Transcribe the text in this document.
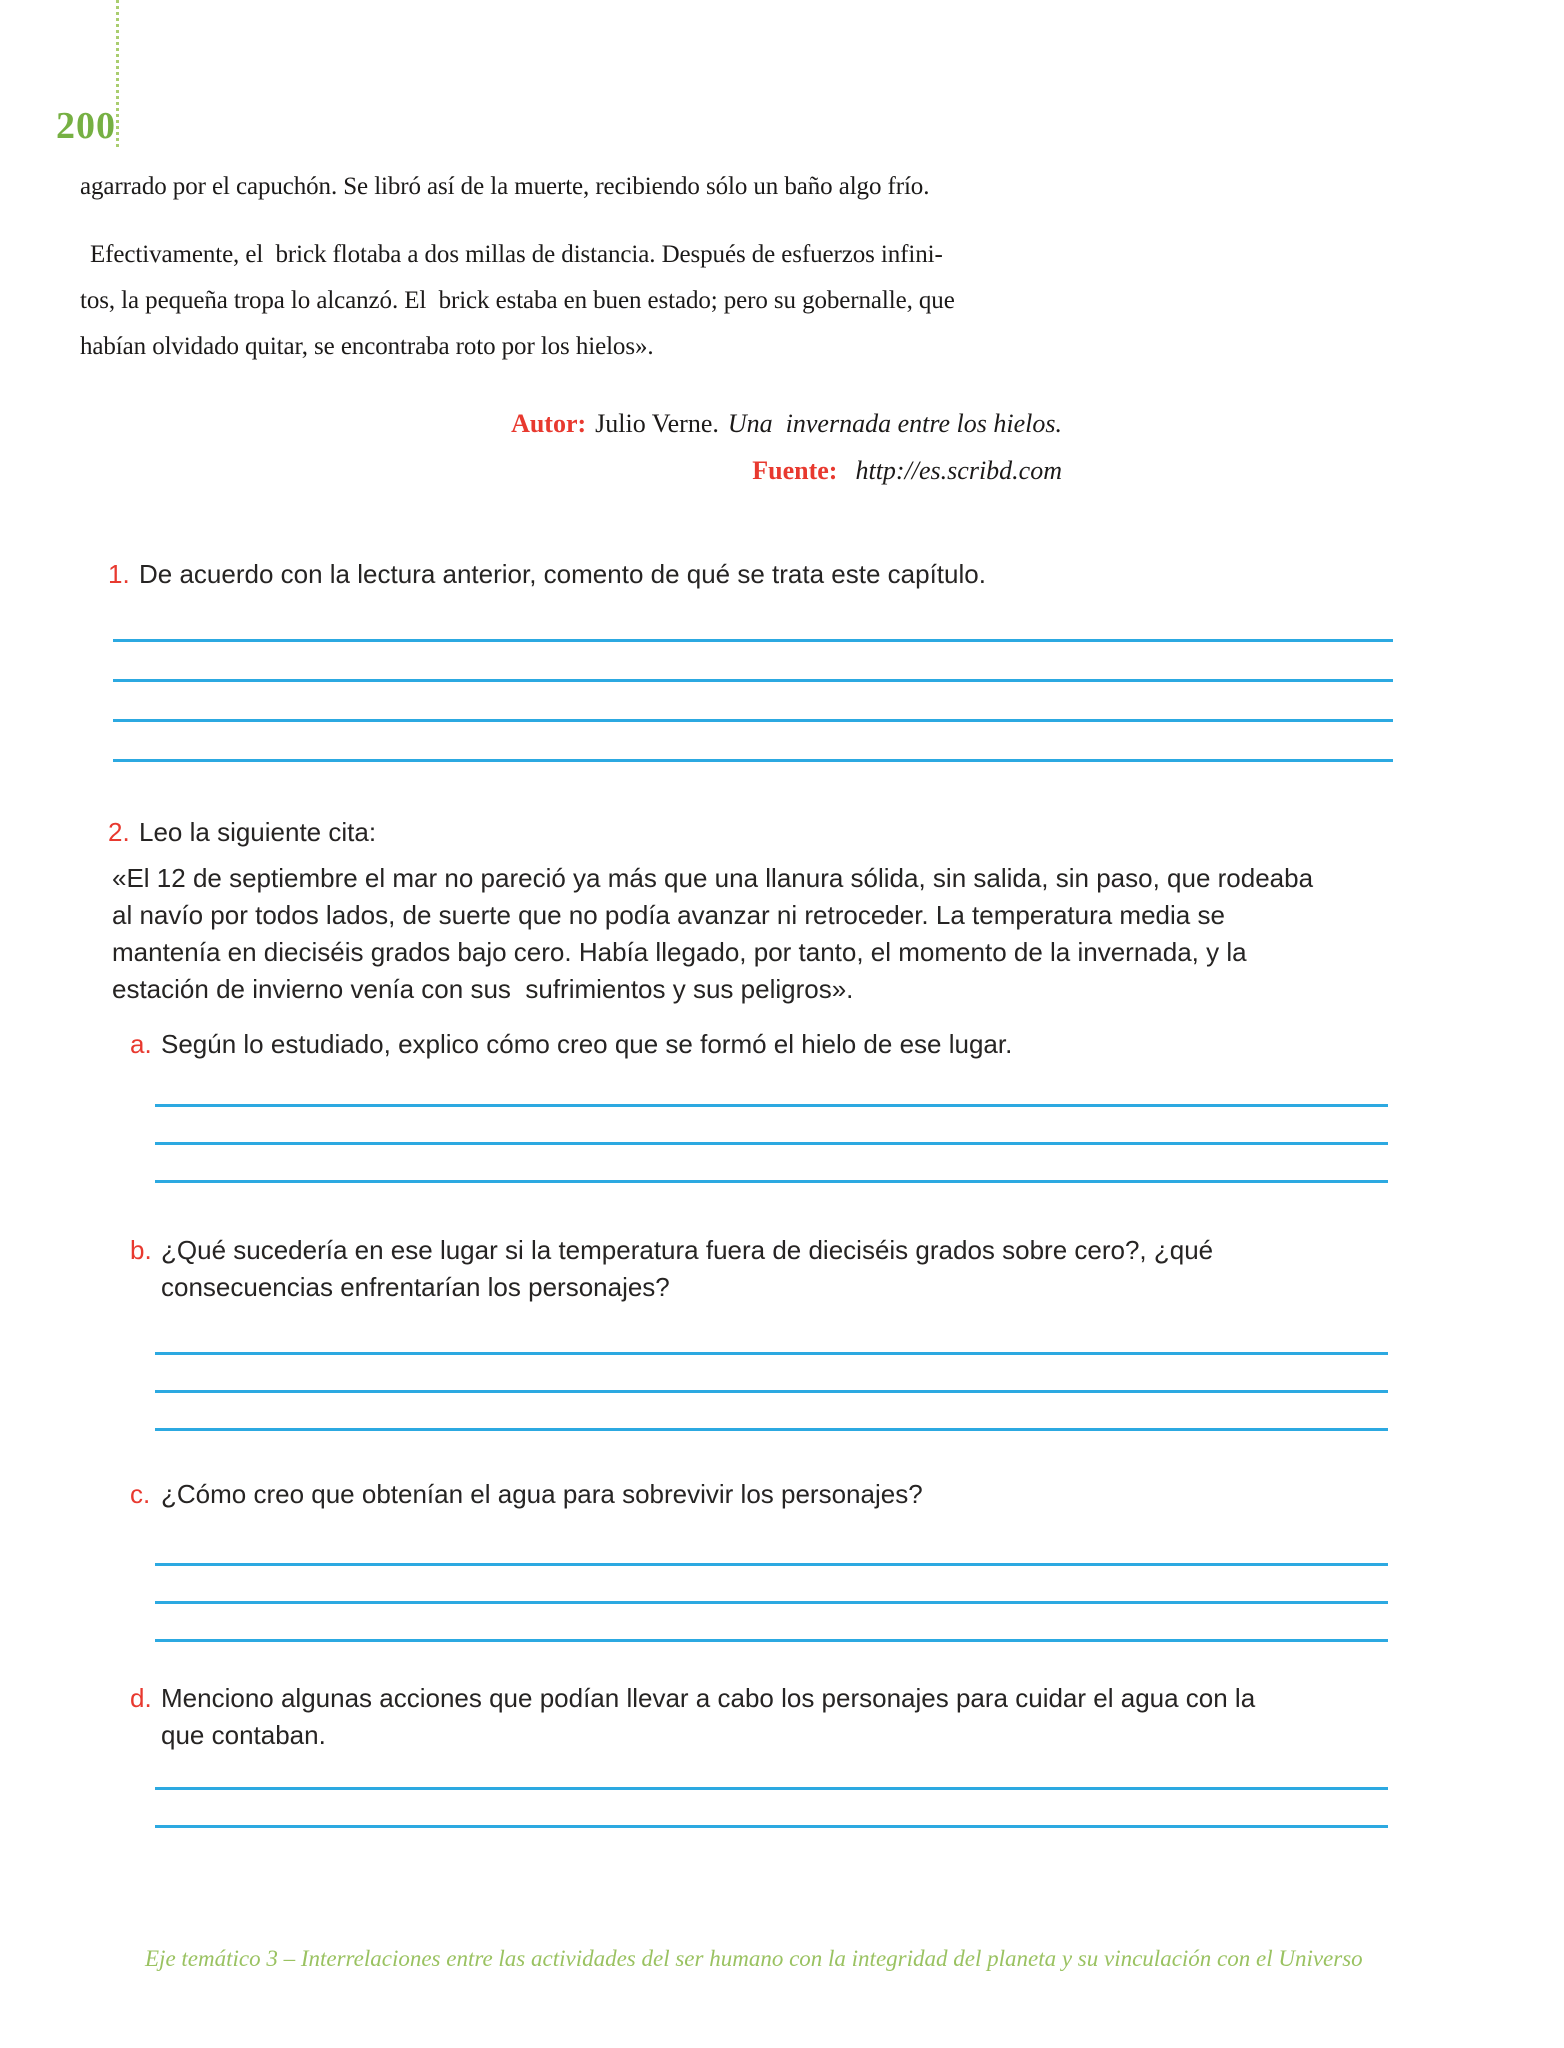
200
agarrado por el capuchón. Se libró así de la muerte, recibiendo sólo un baño algo frío.
Efectivamente, el  brick flotaba a dos millas de distancia. Después de esfuerzos infini-
tos, la pequeña tropa lo alcanzó. El  brick estaba en buen estado; pero su gobernalle, que
habían olvidado quitar, se encontraba roto por los hielos».
Autor: Julio Verne. Una  invernada entre los hielos.
Fuente: http://es.scribd.com
1. De acuerdo con la lectura anterior, comento de qué se trata este capítulo.
2. Leo la siguiente cita:
«El 12 de septiembre el mar no pareció ya más que una llanura sólida, sin salida, sin paso, que rodeaba
al navío por todos lados, de suerte que no podía avanzar ni retroceder. La temperatura media se
mantenía en dieciséis grados bajo cero. Había llegado, por tanto, el momento de la invernada, y la
estación de invierno venía con sus  sufrimientos y sus peligros».
a. Según lo estudiado, explico cómo creo que se formó el hielo de ese lugar.
b. ¿Qué sucedería en ese lugar si la temperatura fuera de dieciséis grados sobre cero?, ¿qué
consecuencias enfrentarían los personajes?
c. ¿Cómo creo que obtenían el agua para sobrevivir los personajes?
d. Menciono algunas acciones que podían llevar a cabo los personajes para cuidar el agua con la
que contaban.
Eje temático 3 – Interrelaciones entre las actividades del ser humano con la integridad del planeta y su vinculación con el Universo
